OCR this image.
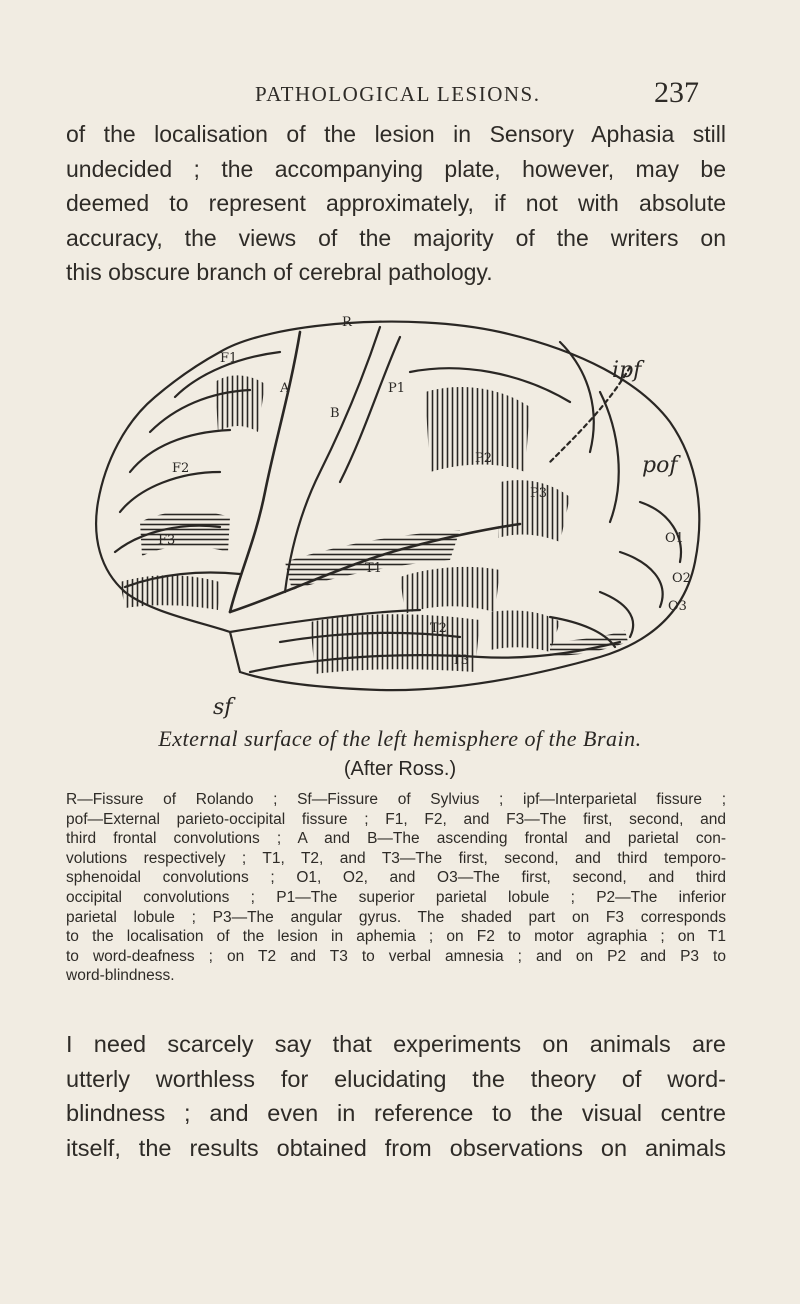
PATHOLOGICAL LESIONS.	237
of the localisation of the lesion in Sensory Aphasia still
undecided ; the accompanying plate, however, may be
deemed to represent approximately, if not with absolute
accuracy, the views of the majority of the writers on
this obscure branch of cerebral pathology.
R
F1
F2
F3
A
B
P1
P2
P3
O1
O2
O3
T1
T2
T3
ipf
pof
sf
External surface of the left hemisphere of the Brain.
(After Ross.)
R—Fissure of Rolando ; Sf—Fissure of Sylvius ; ipf—Interparietal fissure ;
pof—External parieto-occipital fissure ; F1, F2, and F3—The first, second, and
third frontal convolutions ; A and B—The ascending frontal and parietal con-
volutions respectively ; T1, T2, and T3—The first, second, and third temporo-
sphenoidal convolutions ; O1, O2, and O3—The first, second, and third
occipital convolutions ; P1—The superior parietal lobule ; P2—The inferior
parietal lobule ; P3—The angular gyrus. The shaded part on F3 corresponds
to the localisation of the lesion in aphemia ; on F2 to motor agraphia ; on T1
to word-deafness ; on T2 and T3 to verbal amnesia ; and on P2 and P3 to
word-blindness.
I need scarcely say that experiments on animals are
utterly worthless for elucidating the theory of word-
blindness ; and even in reference to the visual centre
itself, the results obtained from observations on animals
